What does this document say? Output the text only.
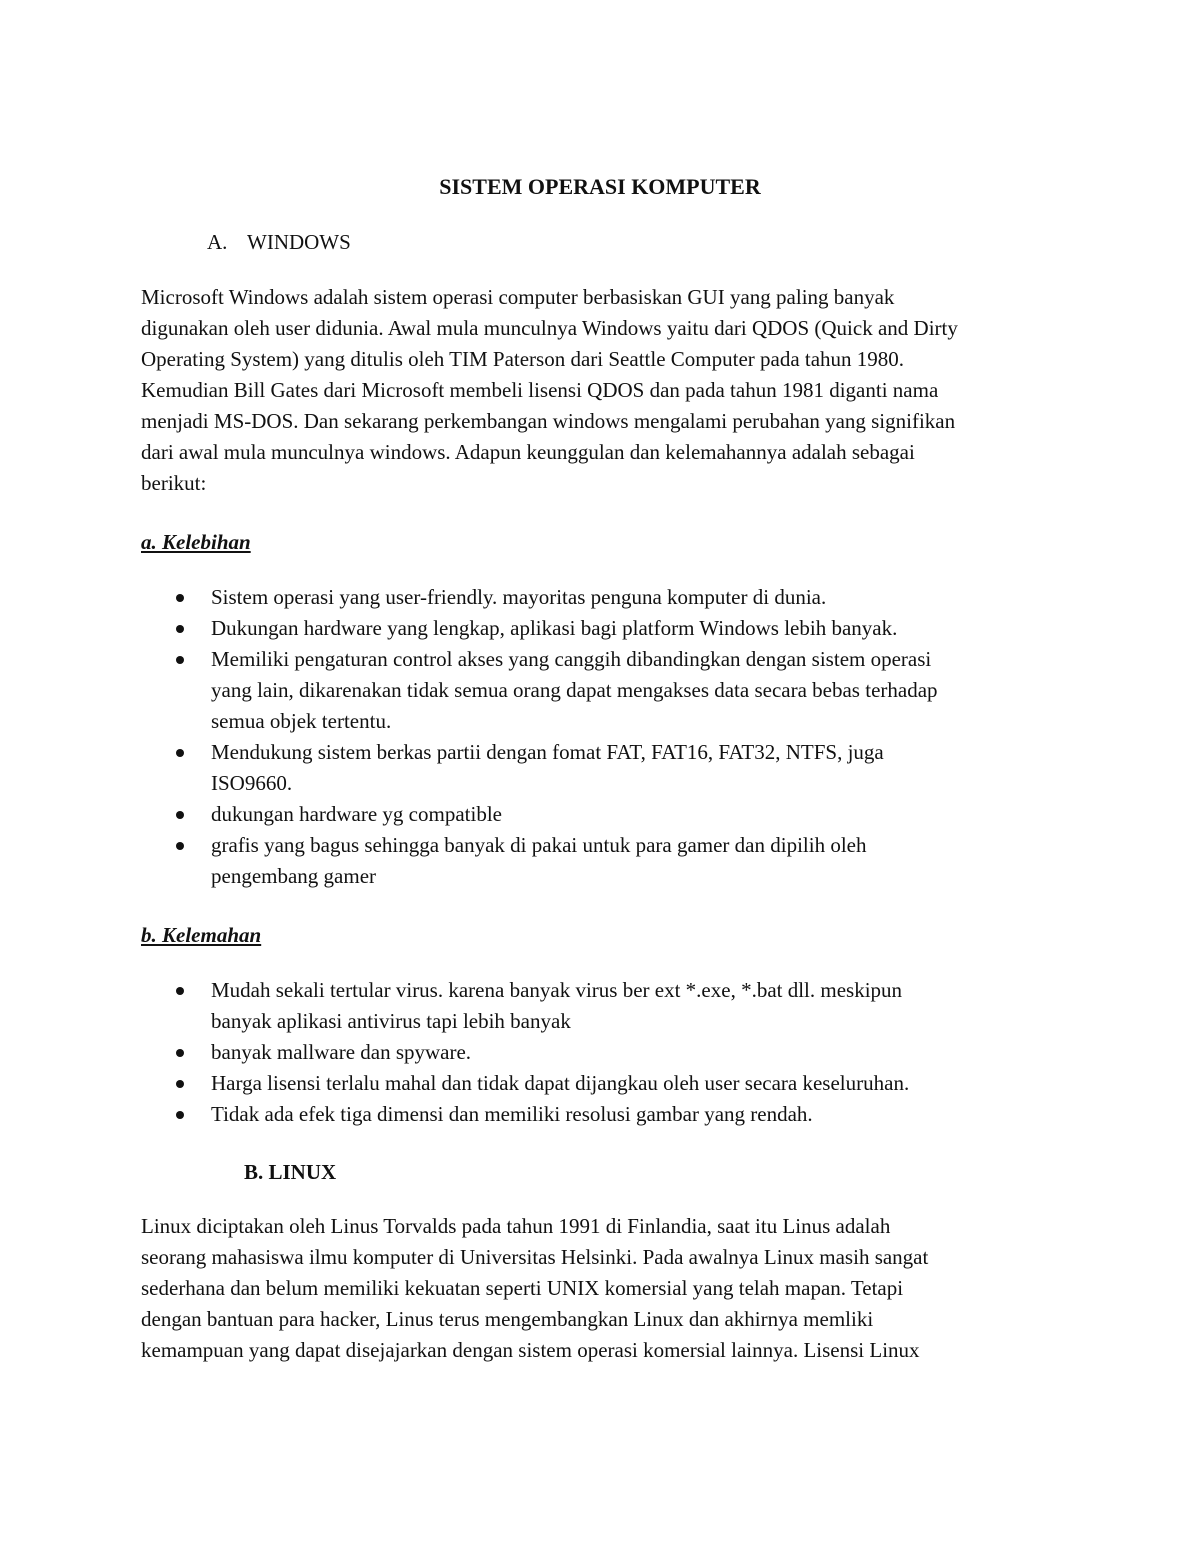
SISTEM OPERASI KOMPUTER
A. WINDOWS

Microsoft Windows adalah sistem operasi computer berbasiskan GUI yang paling banyak
digunakan oleh user didunia. Awal mula munculnya Windows yaitu dari QDOS (Quick and Dirty
Operating System) yang ditulis oleh TIM Paterson dari Seattle Computer pada tahun 1980.
Kemudian Bill Gates dari Microsoft membeli lisensi QDOS dan pada tahun 1981 diganti nama
menjadi MS-DOS. Dan sekarang perkembangan windows mengalami perubahan yang signifikan
dari awal mula munculnya windows. Adapun keunggulan dan kelemahannya adalah sebagai
berikut:

a. Kelebihan
Sistem operasi yang user-friendly. mayoritas penguna komputer di dunia.
Dukungan hardware yang lengkap, aplikasi bagi platform Windows lebih banyak.
Memiliki pengaturan control akses yang canggih dibandingkan dengan sistem operasi
yang lain, dikarenakan tidak semua orang dapat mengakses data secara bebas terhadap
semua objek tertentu.
Mendukung sistem berkas partii dengan fomat FAT, FAT16, FAT32, NTFS, juga
ISO9660.
dukungan hardware yg compatible
grafis yang bagus sehingga banyak di pakai untuk para gamer dan dipilih oleh
pengembang gamer
b. Kelemahan
Mudah sekali tertular virus. karena banyak virus ber ext *.exe, *.bat dll. meskipun
banyak aplikasi antivirus tapi lebih banyak
banyak mallware dan spyware.
Harga lisensi terlalu mahal dan tidak dapat dijangkau oleh user secara keseluruhan.
Tidak ada efek tiga dimensi dan memiliki resolusi gambar yang rendah.
B. LINUX

Linux diciptakan oleh Linus Torvalds pada tahun 1991 di Finlandia, saat itu Linus adalah
seorang mahasiswa ilmu komputer di Universitas Helsinki. Pada awalnya Linux masih sangat
sederhana dan belum memiliki kekuatan seperti UNIX komersial yang telah mapan. Tetapi
dengan bantuan para hacker, Linus terus mengembangkan Linux dan akhirnya memliki
kemampuan yang dapat disejajarkan dengan sistem operasi komersial lainnya. Lisensi Linux
